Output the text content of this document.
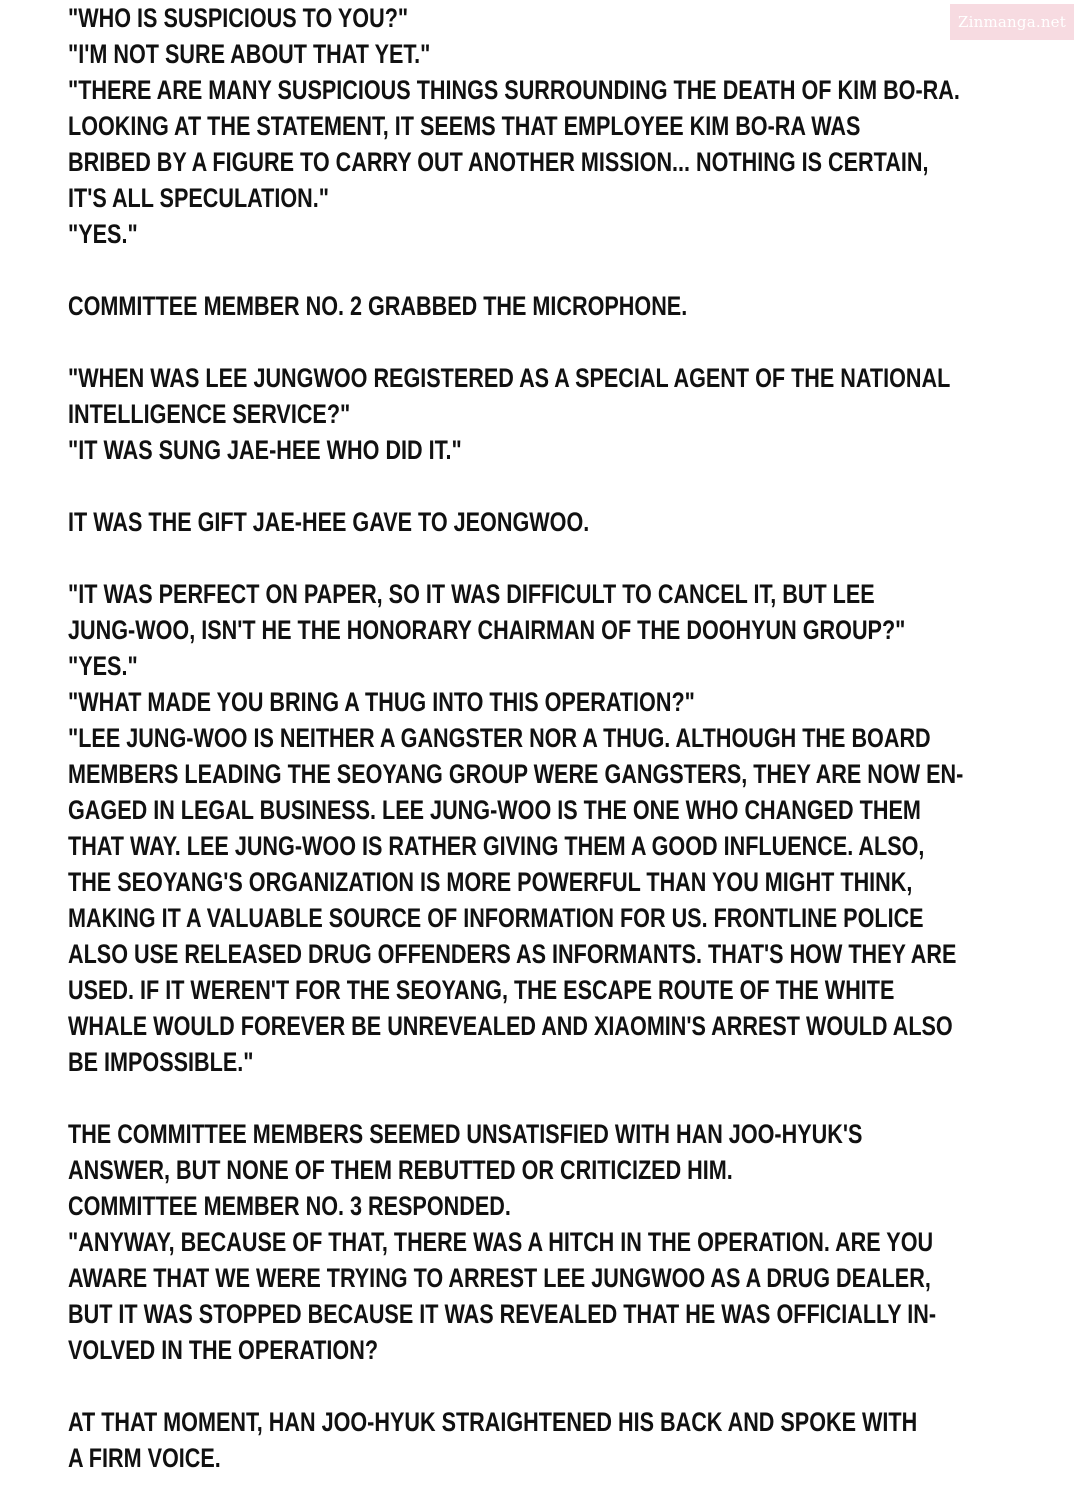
"WHO IS SUSPICIOUS TO YOU?"
"I'M NOT SURE ABOUT THAT YET."
"THERE ARE MANY SUSPICIOUS THINGS SURROUNDING THE DEATH OF KIM BO-RA.
LOOKING AT THE STATEMENT, IT SEEMS THAT EMPLOYEE KIM BO-RA WAS
BRIBED BY A FIGURE TO CARRY OUT ANOTHER MISSION... NOTHING IS CERTAIN,
IT'S ALL SPECULATION."
"YES."
COMMITTEE MEMBER NO. 2 GRABBED THE MICROPHONE.
"WHEN WAS LEE JUNGWOO REGISTERED AS A SPECIAL AGENT OF THE NATIONAL
INTELLIGENCE SERVICE?"
"IT WAS SUNG JAE-HEE WHO DID IT."
IT WAS THE GIFT JAE-HEE GAVE TO JEONGWOO.
"IT WAS PERFECT ON PAPER, SO IT WAS DIFFICULT TO CANCEL IT, BUT LEE
JUNG-WOO, ISN'T HE THE HONORARY CHAIRMAN OF THE DOOHYUN GROUP?"
"YES."
"WHAT MADE YOU BRING A THUG INTO THIS OPERATION?"
"LEE JUNG-WOO IS NEITHER A GANGSTER NOR A THUG. ALTHOUGH THE BOARD
MEMBERS LEADING THE SEOYANG GROUP WERE GANGSTERS, THEY ARE NOW EN-
GAGED IN LEGAL BUSINESS. LEE JUNG-WOO IS THE ONE WHO CHANGED THEM
THAT WAY. LEE JUNG-WOO IS RATHER GIVING THEM A GOOD INFLUENCE. ALSO,
THE SEOYANG'S ORGANIZATION IS MORE POWERFUL THAN YOU MIGHT THINK,
MAKING IT A VALUABLE SOURCE OF INFORMATION FOR US. FRONTLINE POLICE
ALSO USE RELEASED DRUG OFFENDERS AS INFORMANTS. THAT'S HOW THEY ARE
USED. IF IT WEREN'T FOR THE SEOYANG, THE ESCAPE ROUTE OF THE WHITE
WHALE WOULD FOREVER BE UNREVEALED AND XIAOMIN'S ARREST WOULD ALSO
BE IMPOSSIBLE."
THE COMMITTEE MEMBERS SEEMED UNSATISFIED WITH HAN JOO-HYUK'S
ANSWER, BUT NONE OF THEM REBUTTED OR CRITICIZED HIM.
COMMITTEE MEMBER NO. 3 RESPONDED.
"ANYWAY, BECAUSE OF THAT, THERE WAS A HITCH IN THE OPERATION. ARE YOU
AWARE THAT WE WERE TRYING TO ARREST LEE JUNGWOO AS A DRUG DEALER,
BUT IT WAS STOPPED BECAUSE IT WAS REVEALED THAT HE WAS OFFICIALLY IN-
VOLVED IN THE OPERATION?
AT THAT MOMENT, HAN JOO-HYUK STRAIGHTENED HIS BACK AND SPOKE WITH
A FIRM VOICE.
Zinmanga.net
